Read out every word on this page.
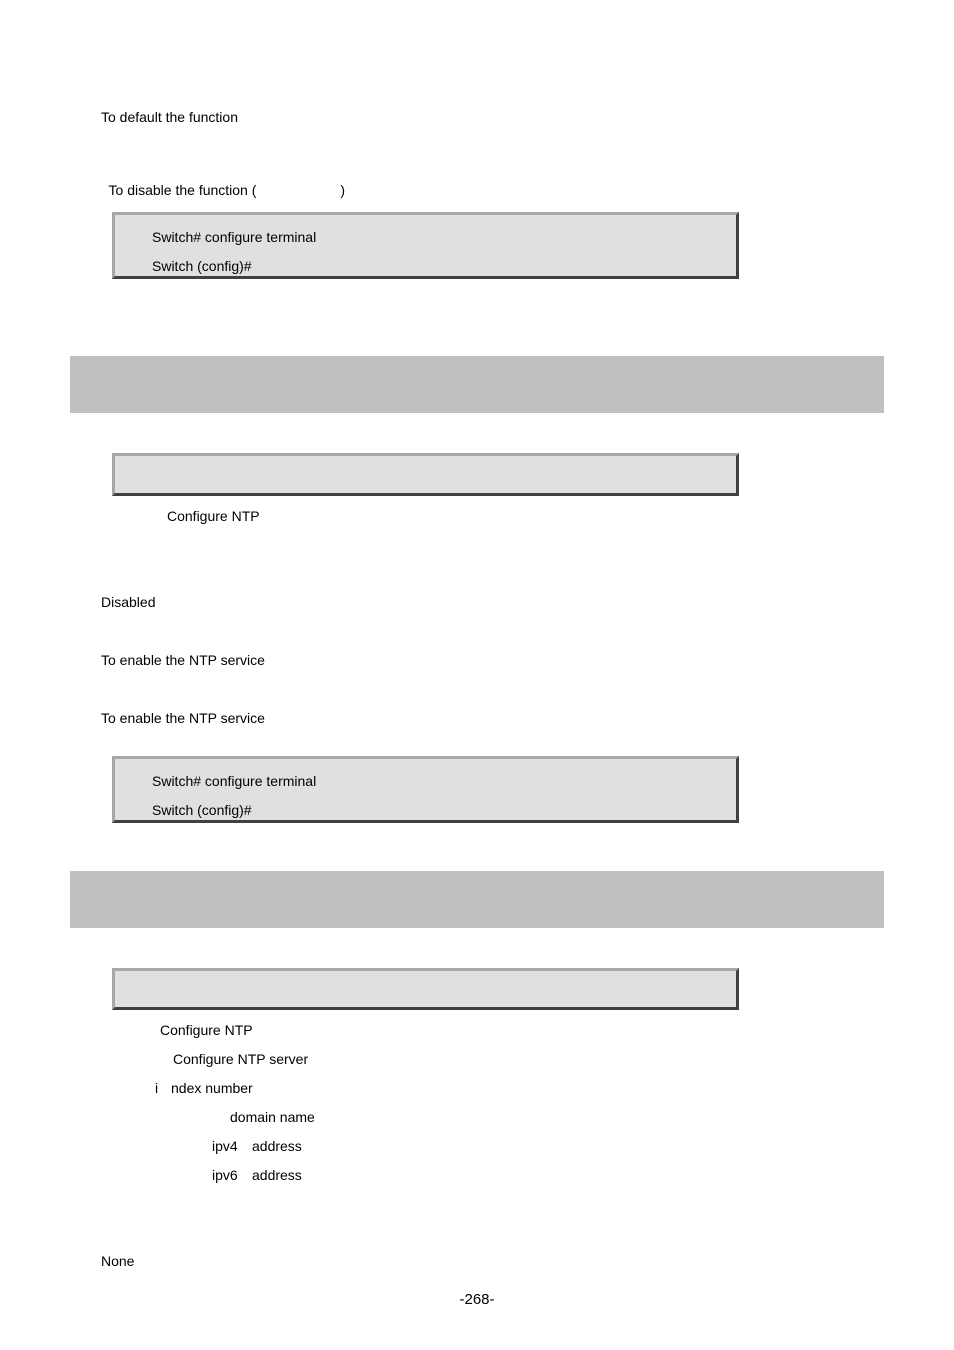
To default the function

To disable the function (	)

Switch# configure terminal
Switch (config)#
Configure NTP
Disabled
To enable the NTP service
To enable the NTP service
Switch# configure terminal
Switch (config)#
Configure NTP
Configure NTP server
i ndex number
domain name
ipv4 address
ipv6 address
None
-268-
